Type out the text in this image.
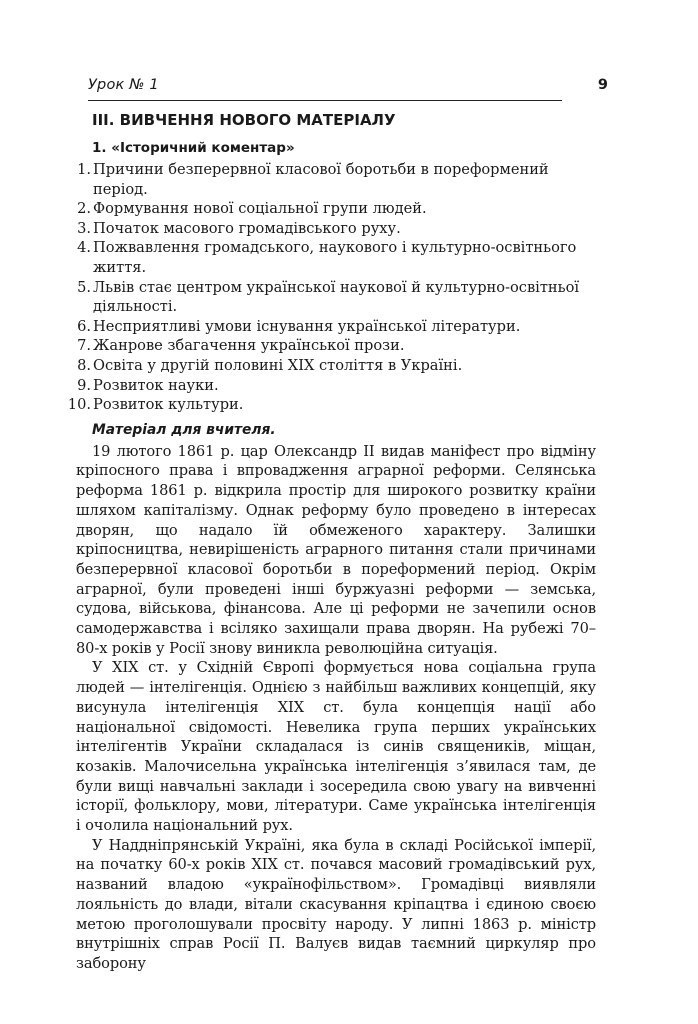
Урок № 1	9
ІІІ. ВИВЧЕННЯ НОВОГО МАТЕРІАЛУ
1. «Історичний коментар»
1. Причини безперервної класової боротьби в пореформений період.
2. Формування нової соціальної групи людей.
3. Початок масового громадівського руху.
4. Пожвавлення громадського, наукового і культурно-освітнього життя.
5. Львів стає центром української наукової й культурно-освітньої діяльності.
6. Несприятливі умови існування української літератури.
7. Жанрове збагачення української прози.
8. Освіта у другій половині XIX століття в Україні.
9. Розвиток науки.
10. Розвиток культури.
Матеріал для вчителя.

19 лютого 1861 р. цар Олександр ІІ видав маніфест про відміну кріпосного права і впровадження аграрної реформи. Селянська реформа 1861 р. відкрила простір для широкого розвитку країни шляхом капіталізму. Однак реформу було проведено в інтересах дворян, що надало їй обмеженого характеру. Залишки кріпосництва, невирішеність аграрного питання стали причинами безперервної класової боротьби в пореформений період. Окрім аграрної, були проведені інші буржуазні реформи — земська, судова, військова, фінансова. Але ці реформи не зачепили основ самодержавства і всіляко захищали права дворян. На рубежі 70–80-х років у Росії знову виникла революційна ситуація.

У XIX ст. у Східній Європі формується нова соціальна група людей — інтелігенція. Однією з найбільш важливих концепцій, яку висунула інтелігенція XIX ст. була концепція нації або національної свідомості. Невелика група перших українських інтелігентів України складалася із синів священиків, міщан, козаків. Малочисельна українська інтелігенція з’явилася там, де були вищі навчальні заклади і зосередила свою увагу на вивченні історії, фольклору, мови, літератури. Саме українська інтелігенція і очолила національний рух.

У Наддніпрянській Україні, яка була в складі Російської імперії, на початку 60-х років XIX ст. почався масовий громадівський рух, названий владою «українофільством». Громадівці виявляли лояльність до влади, вітали скасування кріпацтва і єдиною своєю метою проголошували просвіту народу. У липні 1863 р. міністр внутрішніх справ Росії П. Валуєв видав таємний циркуляр про заборону
